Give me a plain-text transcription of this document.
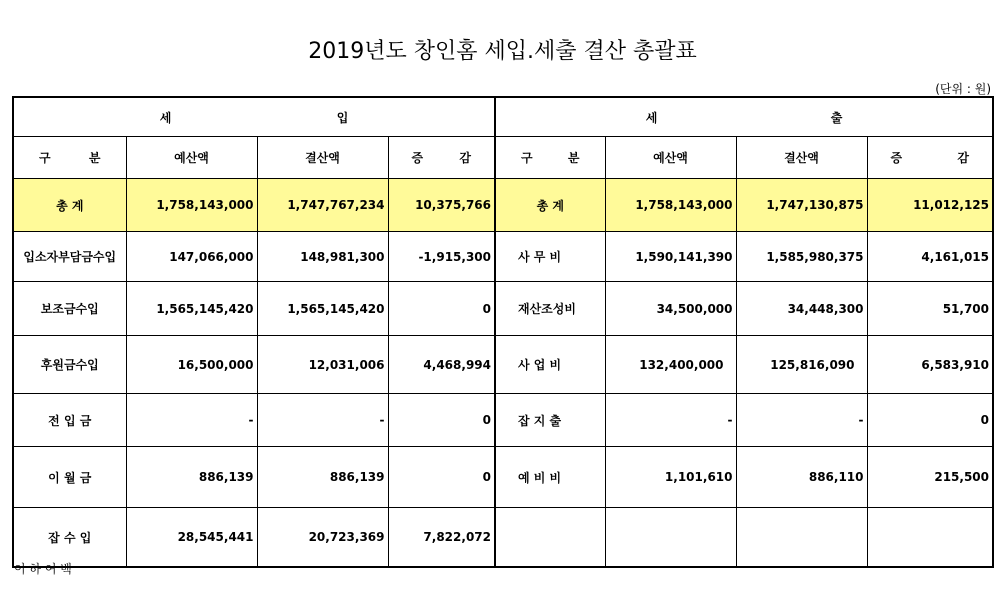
2019년도 창인홈 세입.세출 결산 총괄표
(단위 : 원)
세 입				세 출			

구 분	예산액	결산액	증 감	구 분	예산액	결산액	증 감

총 계	1,758,143,000	1,747,767,234	10,375,766	총 계	1,758,143,000	1,747,130,875	11,012,125
입소자부담금수입	147,066,000	148,981,300	-1,915,300	사 무 비	1,590,141,390	1,585,980,375	4,161,015
보조금수입	1,565,145,420	1,565,145,420	0	재산조성비	34,500,000	34,448,300	51,700
후원금수입	16,500,000	12,031,006	4,468,994	사 업 비	132,400,000	125,816,090	6,583,910
전 입 금	-	-	0	잡 지 출	-	-	0
이 월 금	886,139	886,139	0	예 비 비	1,101,610	886,110	215,500
잡 수 입	28,545,441	20,723,369	7,822,072				
이 하 여 백
